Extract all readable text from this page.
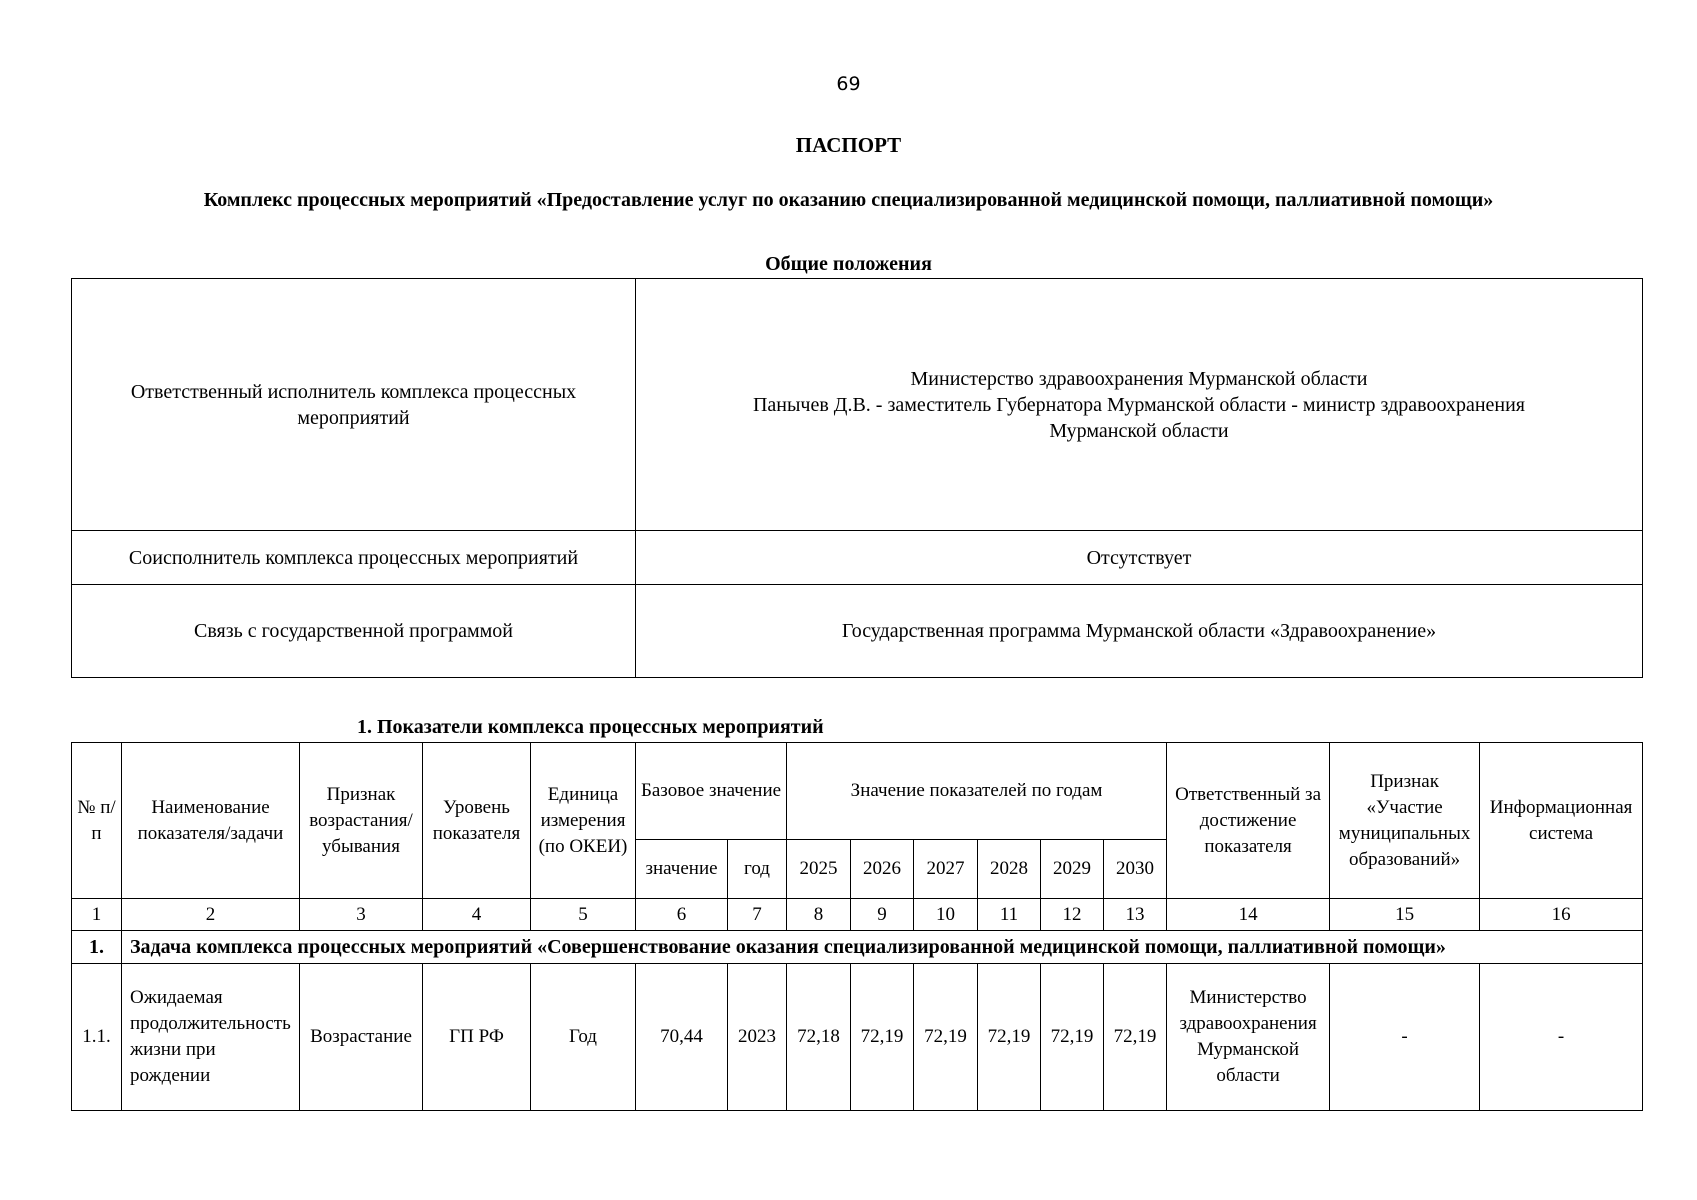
69
ПАСПОРТ
Комплекс процессных мероприятий «Предоставление услуг по оказанию специализированной медицинской помощи, паллиативной помощи»
Общие положения
Ответственный исполнитель комплекса процессных мероприятий	Министерство здравоохранения Мурманской области
Панычев Д.В. - заместитель Губернатора Мурманской области - министр здравоохранения
Мурманской области

Соисполнитель комплекса процессных мероприятий	Отсутствует
Связь с государственной программой	Государственная программа Мурманской области «Здравоохранение»
1. Показатели комплекса процессных мероприятий
№ п/п	Наименование показателя/задачи	Признак возрастания/ убывания	Уровень показателя	Единица измерения (по ОКЕИ)	Базовое значение		Значение показателей по годам						Ответственный за достижение показателя	Признак «Участие муниципальных образований»	Информационная система
					значение	год	2025	2026	2027	2028	2029	2030			
1	2	3	4	5	6	7	8	9	10	11	12	13	14	15	16
1.	Задача комплекса процессных мероприятий «Совершенствование оказания специализированной медицинской помощи, паллиативной помощи»														
1.1.	Ожидаемая продолжительность жизни при рождении	Возрастание	ГП РФ	Год	70,44	2023	72,18	72,19	72,19	72,19	72,19	72,19	Министерство здравоохранения Мурманской области	-	-
